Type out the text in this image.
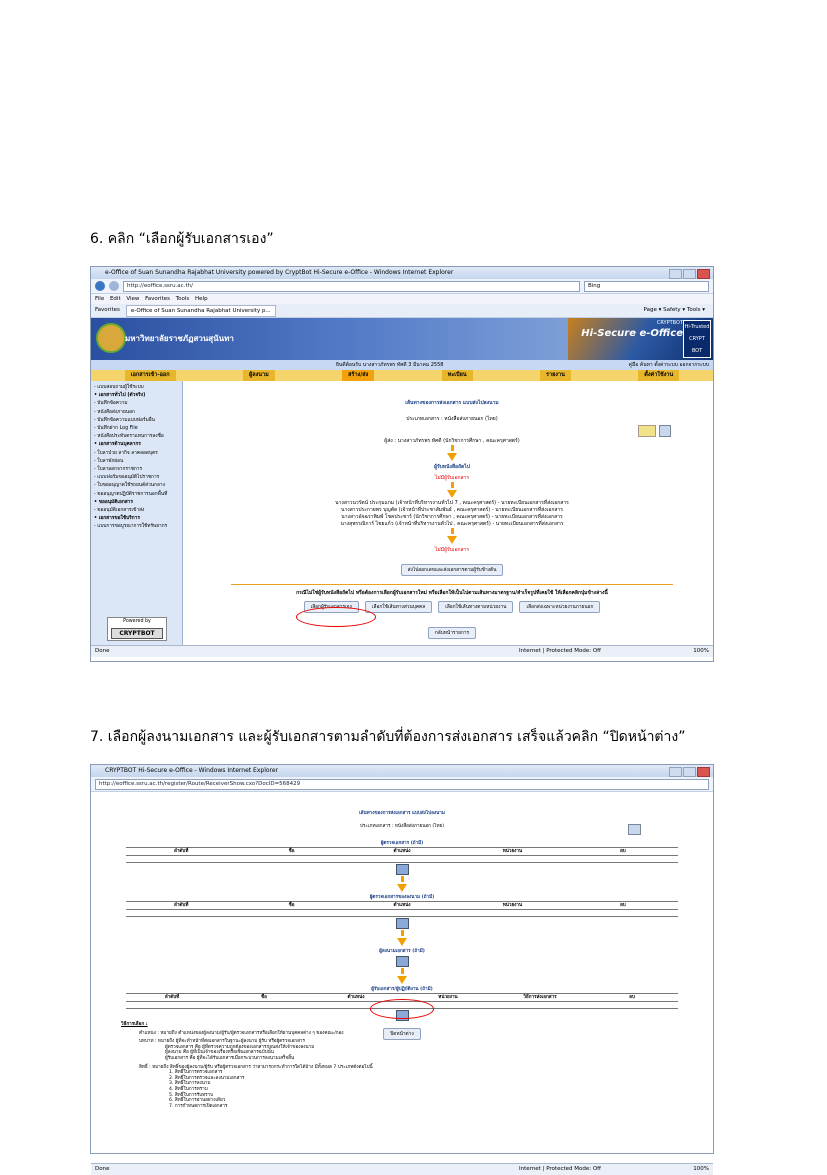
6. คลิก “เลือกผู้รับเอกสารเอง”
e-Office of Suan Sunandha Rajabhat University powered by CryptBot Hi-Secure e-Office - Windows Internet Explorer
http://eoffice.ssru.ac.th/	Bing
File Edit View Favorites Tools Help
Favorites	e-Office of Suan Sunandha Rajabhat University p...	Page ▾ Safety ▾ Tools ▾
มหาวิทยาลัยราชภัฏสวนสุนันทา
CRYPTBOT
Hi-Secure e-Office
Hi-Trusted CRYPT BOT
ยินดีต้อนรับ นางสาวภัทรพร ทัศดี 3 มีนาคม 2558	คู่มือ ค้นหา ตั้งค่าระบบ ออกจากระบบ
เอกสารเข้า-ออก	ผู้ลงนาม	สร้าง/ส่ง	ทะเบียน	รายงาน	ตั้งค่าใช้งาน
- แบบสอบถามผู้ใช้ระบบ
• เอกสารทั่วไป (ตัวจริง)
- บันทึกข้อความ
- หนังสือส่งภายนอก
- บันทึกข้อความแบบฟอร์มอื่น
- บันทึกฝาก Log File
- หนังสือประทับตราแทนการลงชื่อ
• เอกสารด้านบุคลากร
- ใบลาป่วย ลากิจ ลาคลอดบุตร
- ใบลาพักผ่อน
- ใบลาออกจากราชการ
- แบบฟอร์มขออนุมัติไปราชการ
- ใบขออนุญาตใช้รถยนต์ส่วนกลาง
- ขออนุญาตปฏิบัติราชการนอกพื้นที่
• ขออนุมัติเอกสาร
- ขออนุมัติเอกสารเข้าส่ง
• เอกสารขอใช้บริการ
- แบบการขอบูรณาการใช้ทรัพยากร
Powered by
CRYPTBOT
เส้นทางของการส่งเอกสาร แบบส่งไปลงนาม
ประเภทเอกสาร : หนังสือส่งภายนอก (ไทย)
ผู้ส่ง : นางสาวภัทรพร ทัศดี (นักวิชาการศึกษา , คณะครุศาสตร์)
ผู้รับหนังสือถัดไป
ไม่มีผู้รับเอกสาร
นางสาวนวรัตน์ ประกุมแกม (เจ้าหน้าที่บริหารงานทั่วไป 7 , คณะครุศาสตร์) - นายทะเบียนเอกสารที่ส่งเอกสาร
นางสาวประกายพร บุญตัด (เจ้าหน้าที่ประชาสัมพันธ์ , คณะครุศาสตร์) - นายทะเบียนเอกสารที่ส่งเอกสาร
นางสาวอัจฉราพิมพ์ โชคประชาร์ (นักวิชาการศึกษา , คณะครุศาสตร์) - นายทะเบียนเอกสารที่ส่งเอกสาร
นางสุพรรณิการ์ ไชยแก้ว (เจ้าหน้าที่บริหารงานทั่วไป , คณะครุศาสตร์) - นายทะเบียนเอกสารที่ส่งเอกสาร
ไม่มีผู้รับเอกสาร
ส่งไปออกเลขและส่งเอกสารตามผู้รับข้างต้น
กรณีไม่ใช่ผู้รับหนังสือถัดไป หรือต้องการเลือกผู้รับเอกสารใหม่ หรือเลือกให้เป็นไปตามเส้นทางมาตรฐาน/สำเร็จรูปที่เคยใช้ ให้เลือกคลิกปุ่มข้างล่างนี้
เลือกผู้รับเอกสารเอง	เลือกใช้เส้นทางส่วนบุคคล	เลือกใช้เส้นทางตามหน่วยงาน	เลือกส่งเฉพาะหน่วยงานภายนอก
กลับหน้ารายการ
Done	Internet | Protected Mode: Off	100%
7. เลือกผู้ลงนามเอกสาร และผู้รับเอกสารตามลำดับที่ต้องการส่งเอกสาร เสร็จแล้วคลิก “ปิดหน้าต่าง”
CRYPTBOT Hi-Secure e-Office - Windows Internet Explorer
http://eoffice.ssru.ac.th/register/Route/ReceiverShow.cxo?DocID=568429
เส้นทางของการส่งเอกสาร แบบส่งไปลงนาม
ประเภทเอกสาร : หนังสือส่งภายนอก (ไทย)
ผู้ตรวจเอกสาร (ถ้ามี)
ลำดับที่	ชื่อ	ตำแหน่ง	หน่วยงาน	ลบ
ผู้ตรวจเอกสารของลงนาม (ถ้ามี)
ลำดับที่	ชื่อ	ตำแหน่ง	หน่วยงาน	ลบ
ผู้ลงนามเอกสาร (ถ้ามี)
ผู้รับเอกสาร/ผู้ปฏิบัติงาน (ถ้ามี)
ลำดับที่	ชื่อ	ตำแหน่ง	หน่วยงาน	วิธีการส่งเอกสาร	ลบ
ปิดหน้าต่าง
วิธีการเลือก :
ตำแหน่ง : หมายถึง ตำแหน่งของผู้ลงนาม/ผู้รับ/ผู้ตรวจเอกสารหรือเลือกให้ผ่านบุคคลต่าง ๆ ของคณะ/กอง
บทบาท : หมายถึง ผู้ที่จะทำหน้าที่ต่อเอกสารในฐานะผู้ลงนาม ผู้รับ หรือผู้ตรวจเอกสาร
ผู้ตรวจเอกสาร คือ ผู้ที่ตรวจความถูกต้องของเอกสารก่อนส่งให้เจ้าของลงนาม
ผู้ลงนาม คือ ผู้ที่เป็นเจ้าของเรื่องหรือเซ็นเอกสารฉบับนั้น
ผู้รับเอกสาร คือ ผู้ที่จะได้รับเอกสารเมื่อกระบวนการลงนามเสร็จสิ้น
สิทธิ์ : หมายถึง สิทธิ์ของผู้ลงนาม/ผู้รับ หรือผู้ตรวจเอกสาร ว่าสามารถกระทำการใดได้บ้าง มีทั้งหมด 7 ประเภทดังต่อไปนี้
1. สิทธิ์ในการตรวจเอกสาร
2. สิทธิ์ในการตรวจและลงนามเอกสาร
3. สิทธิ์ในการลงนาม
4. สิทธิ์ในการทราบ
5. สิทธิ์ในการรับทราบ
6. สิทธิ์ในการอ่านอย่างเดียว
7. การกำหนดการเปิดเอกสาร
Done	Internet | Protected Mode: Off	100%
